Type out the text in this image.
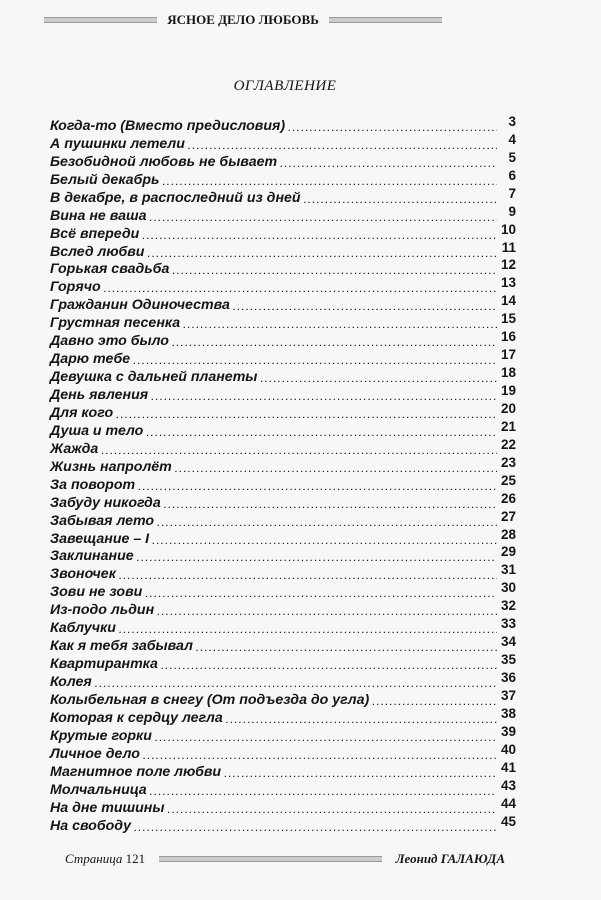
ЯСНОЕ ДЕЛО ЛЮБОВЬ
ОГЛАВЛЕНИЕ
Когда-то (Вместо предисловия) .....	3
А пушинки летели .....	4
Безобидной любовь не бывает .....	5
Белый декабрь .....	6
В декабре, в распоследний из дней .....	7
Вина не ваша .....	9
Всё впереди .....	10
Вслед любви .....	11
Горькая свадьба .....	12
Горячо .....	13
Гражданин Одиночества .....	14
Грустная песенка .....	15
Давно это было .....	16
Дарю тебе .....	17
Девушка с дальней планеты .....	18
День явления .....	19
Для кого .....	20
Душа и тело .....	21
Жажда .....	22
Жизнь напролёт .....	23
За поворот .....	25
Забуду никогда .....	26
Забывая лето .....	27
Завещание – I .....	28
Заклинание .....	29
Звоночек .....	31
Зови не зови .....	30
Из-подо льдин .....	32
Каблучки .....	33
Как я тебя забывал .....	34
Квартирантка .....	35
Колея .....	36
Колыбельная в снегу (От подъезда до угла) .....	37
Которая к сердцу легла .....	38
Крутые горки .....	39
Личное дело .....	40
Магнитное поле любви .....	41
Молчальница .....	43
На дне тишины .....	44
На свободу .....	45
Страница 121	Леонид ГАЛАЮДА
